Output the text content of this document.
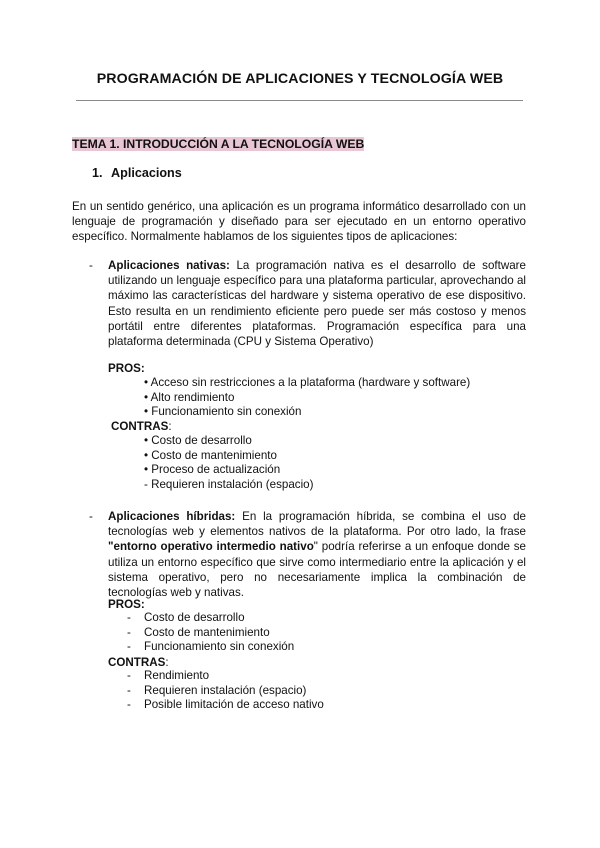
PROGRAMACIÓN DE APLICACIONES Y TECNOLOGÍA WEB
TEMA 1. INTRODUCCIÓN A LA TECNOLOGÍA WEB
1. Aplicacions
En un sentido genérico, una aplicación es un programa informático desarrollado con un lenguaje de programación y diseñado para ser ejecutado en un entorno operativo específico. Normalmente hablamos de los siguientes tipos de aplicaciones:
- Aplicaciones nativas: La programación nativa es el desarrollo de software utilizando un lenguaje específico para una plataforma particular, aprovechando al máximo las características del hardware y sistema operativo de ese dispositivo. Esto resulta en un rendimiento eficiente pero puede ser más costoso y menos portátil entre diferentes plataformas. Programación específica para una plataforma determinada (CPU y Sistema Operativo)
PROS:
• Acceso sin restricciones a la plataforma (hardware y software)
• Alto rendimiento
• Funcionamiento sin conexión
CONTRAS:
• Costo de desarrollo
• Costo de mantenimiento
• Proceso de actualización
- Requieren instalación (espacio)
- Aplicaciones híbridas: En la programación híbrida, se combina el uso de tecnologías web y elementos nativos de la plataforma. Por otro lado, la frase "entorno operativo intermedio nativo" podría referirse a un enfoque donde se utiliza un entorno específico que sirve como intermediario entre la aplicación y el sistema operativo, pero no necesariamente implica la combinación de tecnologías web y nativas.
PROS:
- Costo de desarrollo
- Costo de mantenimiento
- Funcionamiento sin conexión
CONTRAS:
- Rendimiento
- Requieren instalación (espacio)
- Posible limitación de acceso nativo
